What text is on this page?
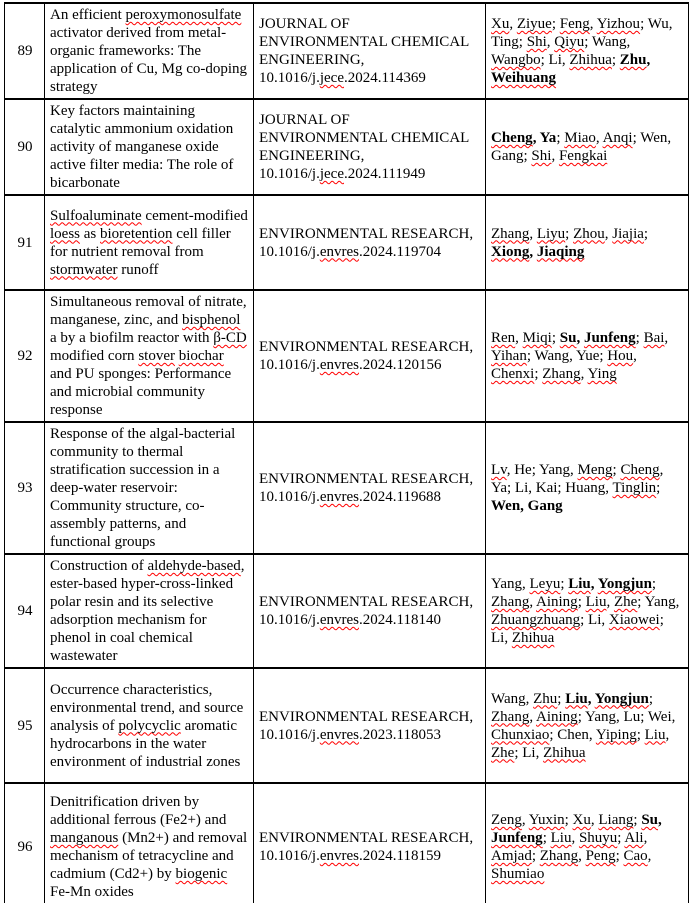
89	An efficient peroxymonosulfate activator derived from metal-organic frameworks: The application of Cu, Mg co-doping strategy	JOURNAL OF ENVIRONMENTAL CHEMICAL ENGINEERING, 10.1016/j.jece.2024.114369	Xu, Ziyue; Feng, Yizhou; Wu, Ting; Shi, Qiyu; Wang, Wangbo; Li, Zhihua; Zhu, Weihuang
90	Key factors maintaining catalytic ammonium oxidation activity of manganese oxide active filter media: The role of bicarbonate	JOURNAL OF ENVIRONMENTAL CHEMICAL ENGINEERING, 10.1016/j.jece.2024.111949	Cheng, Ya; Miao, Anqi; Wen, Gang; Shi, Fengkai
91	Sulfoaluminate cement-modified loess as bioretention cell filler for nutrient removal from stormwater runoff	ENVIRONMENTAL RESEARCH, 10.1016/j.envres.2024.119704	Zhang, Liyu; Zhou, Jiajia; Xiong, Jiaqing
92	Simultaneous removal of nitrate, manganese, zinc, and bisphenol a by a biofilm reactor with β-CD modified corn stover biochar and PU sponges: Performance and microbial community response	ENVIRONMENTAL RESEARCH, 10.1016/j.envres.2024.120156	Ren, Miqi; Su, Junfeng; Bai, Yihan; Wang, Yue; Hou, Chenxi; Zhang, Ying
93	Response of the algal-bacterial community to thermal stratification succession in a deep-water reservoir: Community structure, co-assembly patterns, and functional groups	ENVIRONMENTAL RESEARCH, 10.1016/j.envres.2024.119688	Lv, He; Yang, Meng; Cheng, Ya; Li, Kai; Huang, Tinglin; Wen, Gang
94	Construction of aldehyde-based, ester-based hyper-cross-linked polar resin and its selective adsorption mechanism for phenol in coal chemical wastewater	ENVIRONMENTAL RESEARCH, 10.1016/j.envres.2024.118140	Yang, Leyu; Liu, Yongjun; Zhang, Aining; Liu, Zhe; Yang, Zhuangzhuang; Li, Xiaowei; Li, Zhihua
95	Occurrence characteristics, environmental trend, and source analysis of polycyclic aromatic hydrocarbons in the water environment of industrial zones	ENVIRONMENTAL RESEARCH, 10.1016/j.envres.2023.118053	Wang, Zhu; Liu, Yongjun; Zhang, Aining; Yang, Lu; Wei, Chunxiao; Chen, Yiping; Liu, Zhe; Li, Zhihua
96	Denitrification driven by additional ferrous (Fe2+) and manganous (Mn2+) and removal mechanism of tetracycline and cadmium (Cd2+) by biogenic Fe-Mn oxides	ENVIRONMENTAL RESEARCH, 10.1016/j.envres.2024.118159	Zeng, Yuxin; Xu, Liang; Su, Junfeng; Liu, Shuyu; Ali, Amjad; Zhang, Peng; Cao, Shumiao
